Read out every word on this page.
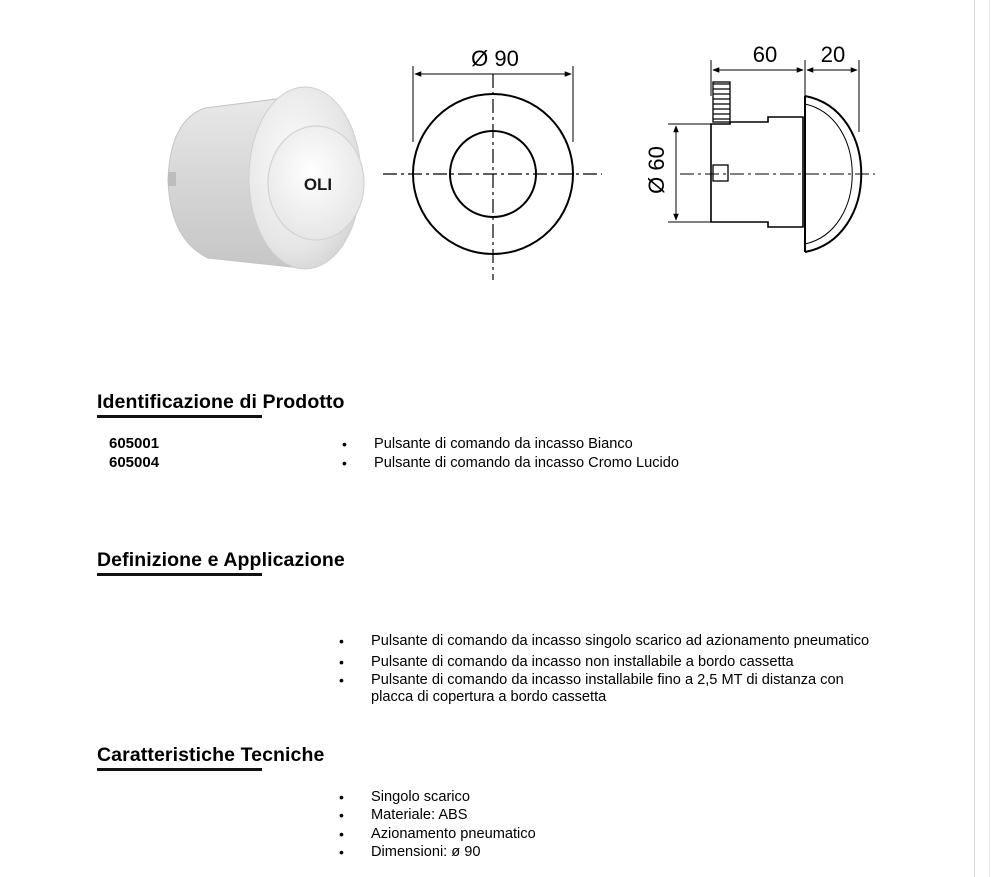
OLI
Ø 90	60 20
Ø 60
Identificazione di Prodotto
605001
605004
• Pulsante di comando da incasso Bianco
• Pulsante di comando da incasso Cromo Lucido
Definizione e Applicazione
• Pulsante di comando da incasso singolo scarico ad azionamento pneumatico
• Pulsante di comando da incasso non installabile a bordo cassetta
• Pulsante di comando da incasso installabile fino a 2,5 MT di distanza con placca di copertura a bordo cassetta
Caratteristiche Tecniche
• Singolo scarico
• Materiale: ABS
• Azionamento pneumatico
• Dimensioni: ø 90
